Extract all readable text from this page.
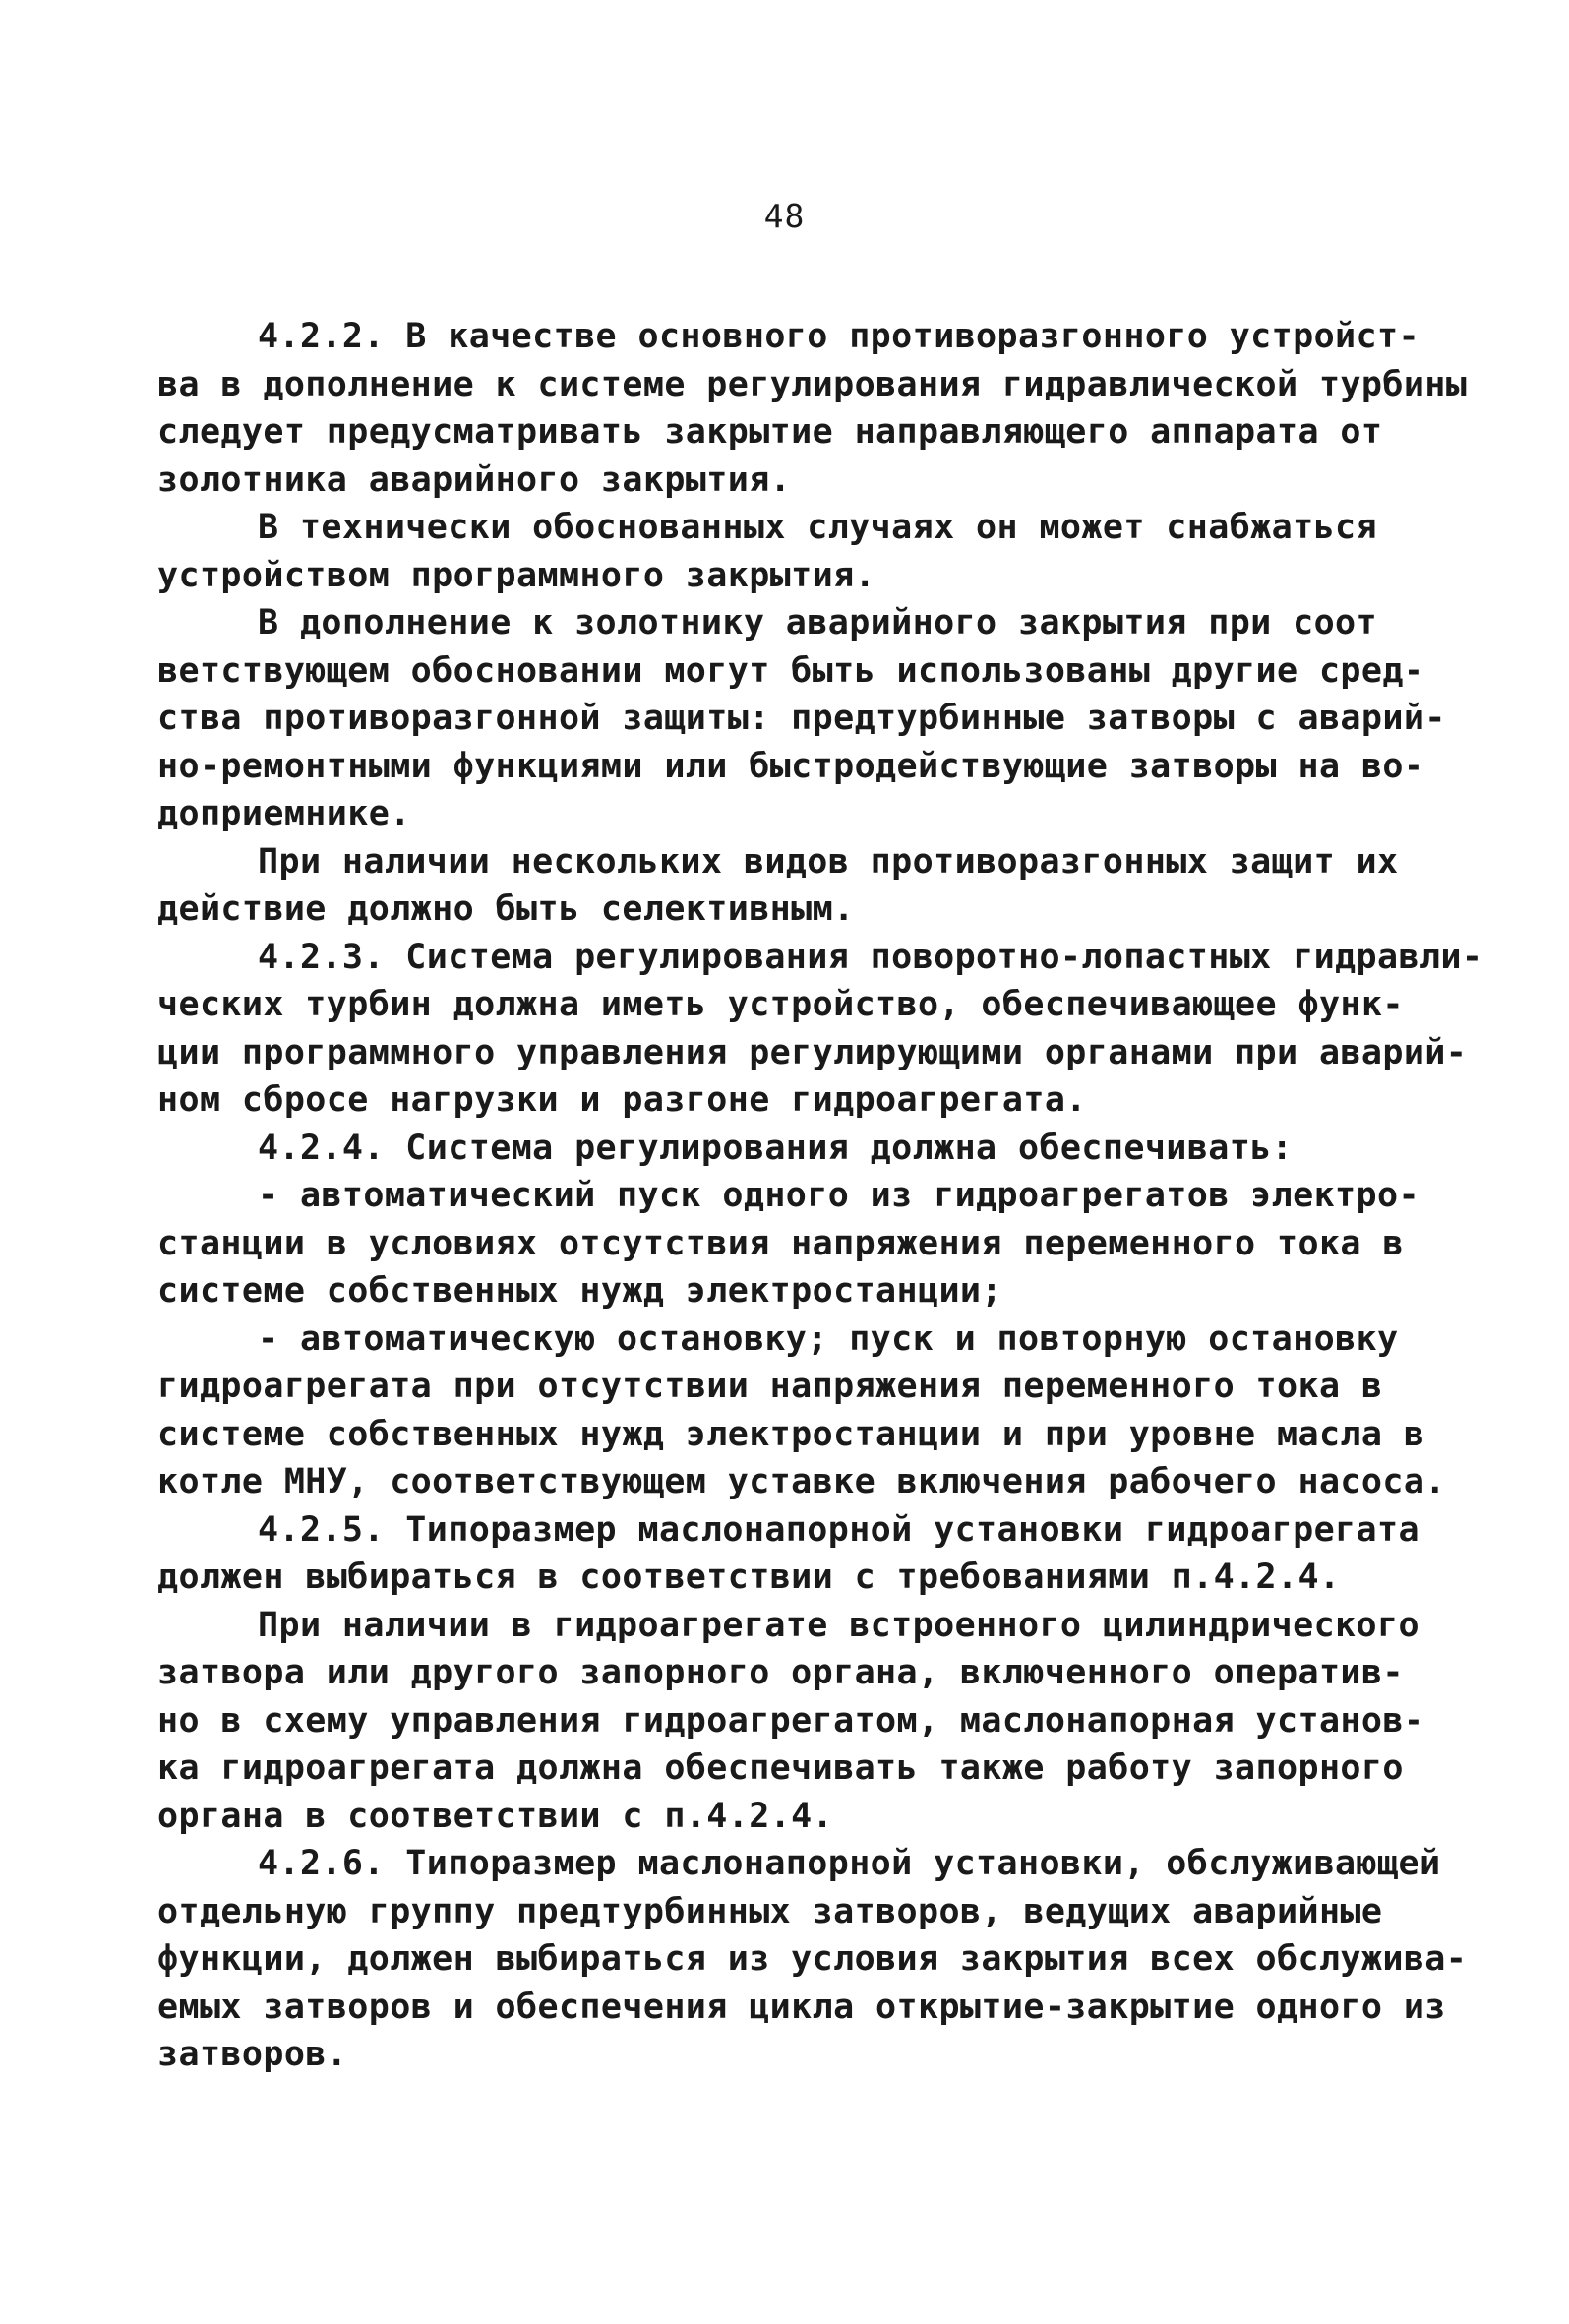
48
4.2.2. В качестве основного противоразгонного устройст-
ва в дополнение к системе регулирования гидравлической турбины
следует предусматривать закрытие направляющего аппарата от
золотника аварийного закрытия.
В технически обоснованных случаях он может снабжаться
устройством программного закрытия.
В дополнение к золотнику аварийного закрытия при соот
ветствующем обосновании могут быть использованы другие сред-
ства противоразгонной защиты: предтурбинные затворы с аварий-
но-ремонтными функциями или быстродействующие затворы на во-
доприемнике.
При наличии нескольких видов противоразгонных защит их
действие должно быть селективным.
4.2.3. Система регулирования поворотно-лопастных гидравли-
ческих турбин должна иметь устройство, обеспечивающее функ-
ции программного управления регулирующими органами при аварий-
ном сбросе нагрузки и разгоне гидроагрегата.
4.2.4. Система регулирования должна обеспечивать:
- автоматический пуск одного из гидроагрегатов электро-
станции в условиях отсутствия напряжения переменного тока в
системе собственных нужд электростанции;
- автоматическую остановку; пуск и повторную остановку
гидроагрегата при отсутствии напряжения переменного тока в
системе собственных нужд электростанции и при уровне масла в
котле МНУ, соответствующем уставке включения рабочего насоса.
4.2.5. Типоразмер маслонапорной установки гидроагрегата
должен выбираться в соответствии с требованиями п.4.2.4.
При наличии в гидроагрегате встроенного цилиндрического
затвора или другого запорного органа, включенного оператив-
но в схему управления гидроагрегатом, маслонапорная установ-
ка гидроагрегата должна обеспечивать также работу запорного
органа в соответствии с п.4.2.4.
4.2.6. Типоразмер маслонапорной установки, обслуживающей
отдельную группу предтурбинных затворов, ведущих аварийные
функции, должен выбираться из условия закрытия всех обслужива-
емых затворов и обеспечения цикла открытие-закрытие одного из
затворов.
